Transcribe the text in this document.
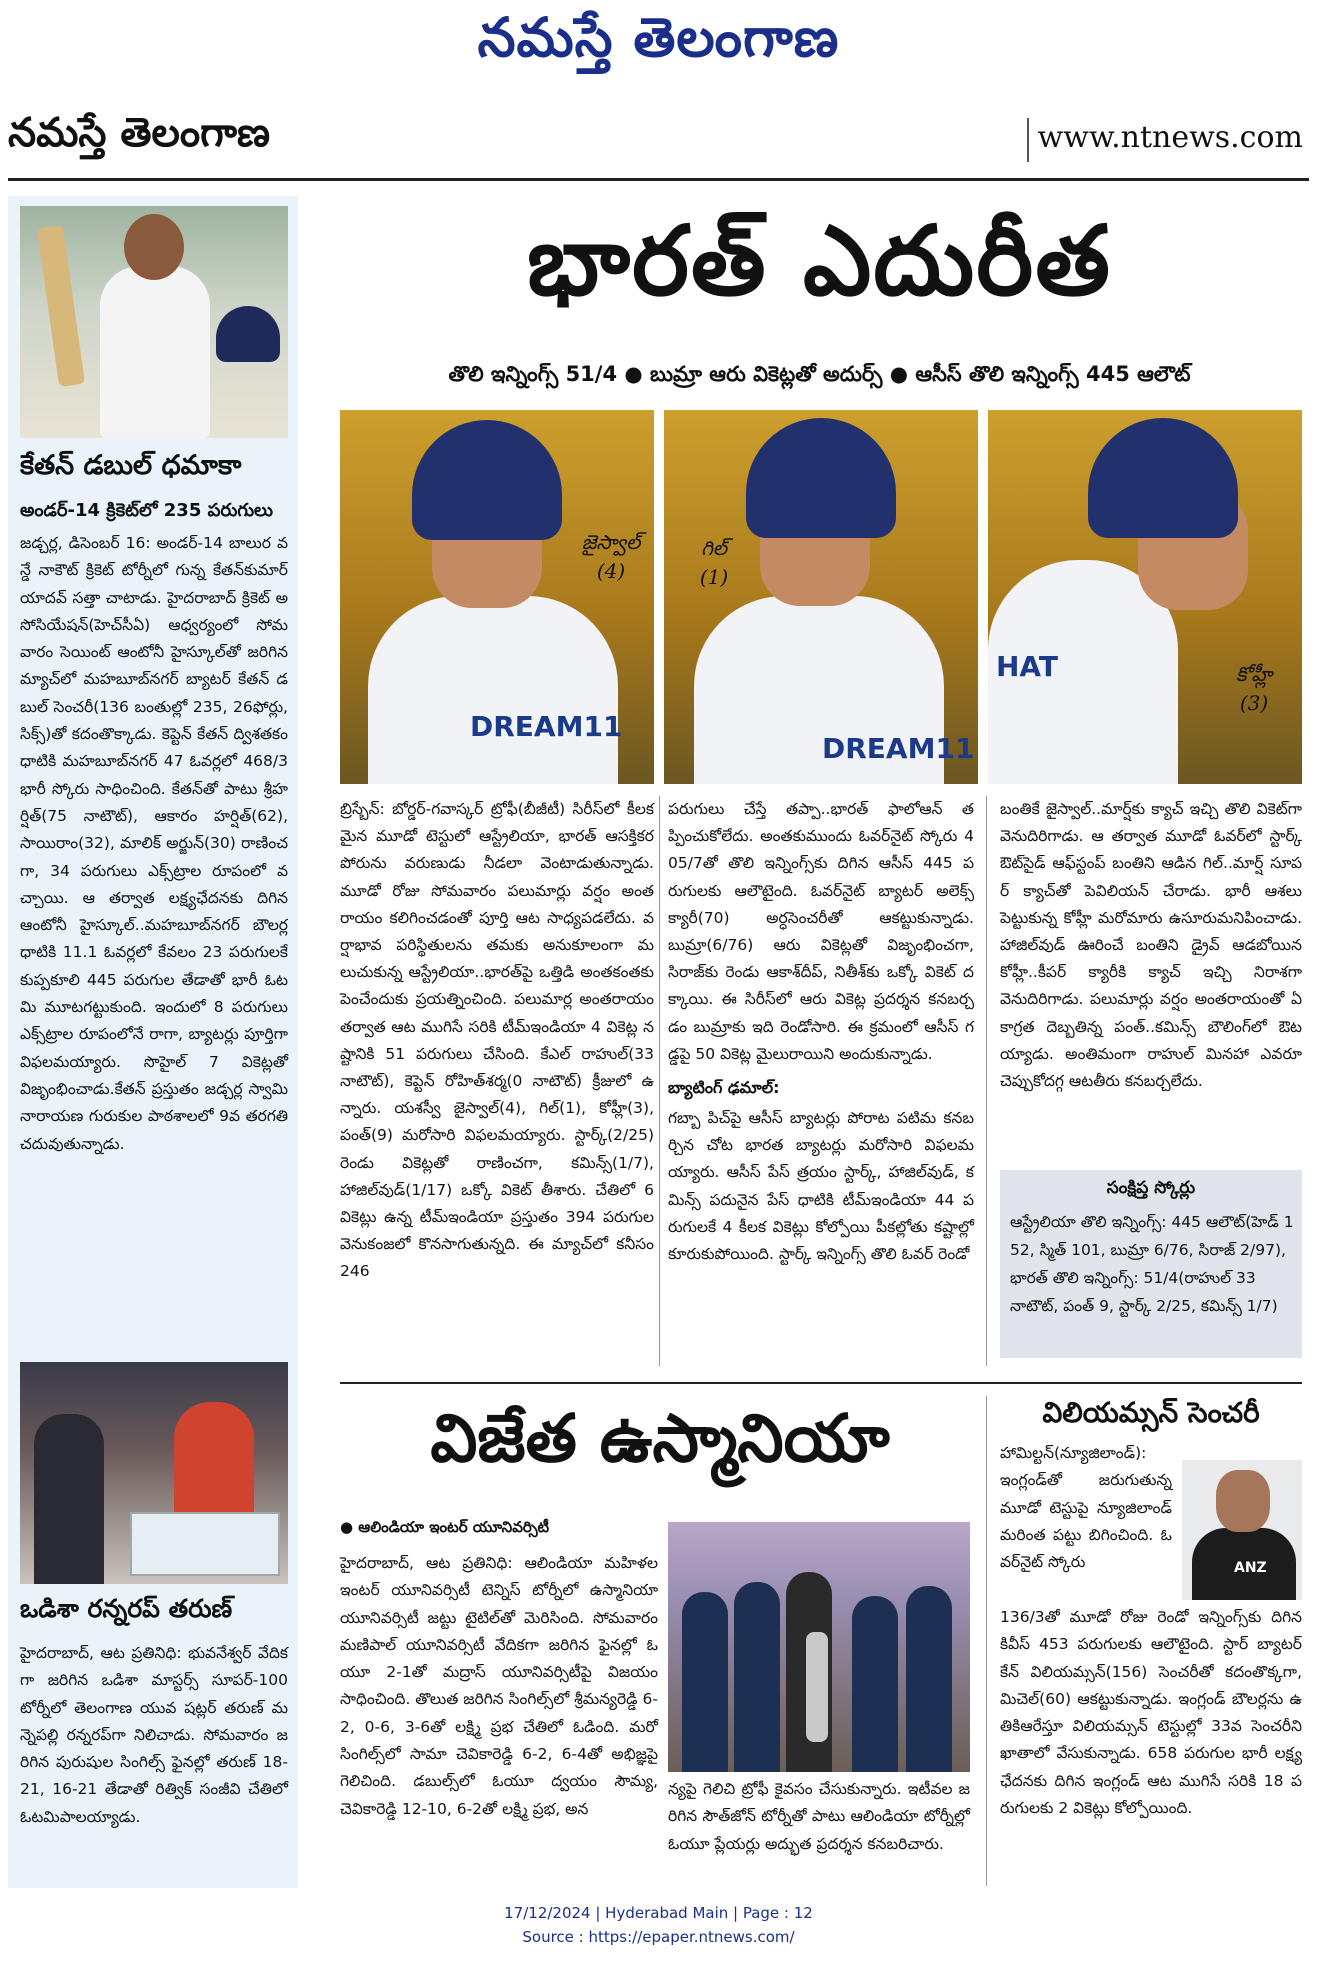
నమస్తే తెలంగాణ
నమస్తే తెలంగాణ	www.ntnews.com
కేతన్ డబుల్ ధమాకా
అండర్-14 క్రికెట్‌లో 235 పరుగులు
జడ్చర్ల, డిసెంబర్ 16: అండర్-14 బాలుర వన్డే నాకౌట్ క్రికెట్ టోర్నీలో గున్న కేతన్‌కుమార్ యాదవ్ సత్తా చాటాడు. హైదరాబాద్ క్రికెట్ అసోసియేషన్(హెచ్‌సీఏ) ఆధ్వర్యంలో సోమవారం సెయింట్ ఆంటోనీ హైస్కూల్‌తో జరిగిన మ్యాచ్‌లో మహబూబ్‌నగర్ బ్యాటర్ కేతన్ డబుల్ సెంచరీ(136 బంతుల్లో 235, 26ఫోర్లు, సిక్స్)తో కదంతొక్కాడు. కెప్టెన్ కేతన్ ద్విశతకం ధాటికి మహబూబ్‌నగర్ 47 ఓవర్లలో 468/3 భారీ స్కోరు సాధించింది. కేతన్‌తో పాటు శ్రీహర్షిత్(75 నాటౌట్), ఆకారం హర్షిత్(62), సాయిరాం(32), మాలిక్ అర్జున్(30) రాణించగా, 34 పరుగులు ఎక్స్‌ట్రాల రూపంలో వచ్చాయి. ఆ తర్వాత లక్ష్యఛేదనకు దిగిన ఆంటోనీ హైస్కూల్..మహబూబ్‌నగర్ బౌలర్ల ధాటికి 11.1 ఓవర్లలో కేవలం 23 పరుగులకే కుప్పకూలి 445 పరుగుల తేడాతో భారీ ఓటమి మూటగట్టుకుంది. ఇందులో 8 పరుగులు ఎక్స్‌ట్రాల రూపంలోనే రాగా, బ్యాటర్లు పూర్తిగా విఫలమయ్యారు. సొహైల్ 7 వికెట్లతో విజృంభించాడు.కేతన్ ప్రస్తుతం జడ్చర్ల స్వామి నారాయణ గురుకుల పాఠశాలలో 9వ తరగతి చదువుతున్నాడు.
ఒడిశా రన్నరప్ తరుణ్
హైదరాబాద్, ఆట ప్రతినిధి: భువనేశ్వర్ వేదికగా జరిగిన ఒడిశా మాస్టర్స్ సూపర్-100 టోర్నీలో తెలంగాణ యువ షట్లర్ తరుణ్ మన్నెపల్లి రన్నరప్‌గా నిలిచాడు. సోమవారం జరిగిన పురుషుల సింగిల్స్ ఫైనల్లో తరుణ్ 18-21, 16-21 తేడాతో రిత్విక్ సంజీవి చేతిలో ఓటమిపాలయ్యాడు.
భారత్ ఎదురీత
తొలి ఇన్నింగ్స్ 51/4 ● బుమ్రా ఆరు వికెట్లతో అదుర్స్ ● ఆసీస్ తొలి ఇన్నింగ్స్ 445 ఆలౌట్
DREAM11
జైస్వాల్
(4)
DREAM11
గిల్
(1)
HAT	కోహ్లీ
(3)
బ్రిస్బేన్: బోర్డర్-గవాస్కర్ ట్రోఫీ(బీజీటీ) సిరీస్‌లో కీలకమైన మూడో టెస్టులో ఆస్ట్రేలియా, భారత్ ఆసక్తికర పోరును వరుణుడు నీడలా వెంటాడుతున్నాడు. మూడో రోజు సోమవారం పలుమార్లు వర్షం అంతరాయం కలిగించడంతో పూర్తి ఆట సాధ్యపడలేదు. వర్షాభావ పరిస్థితులను తమకు అనుకూలంగా మలుచుకున్న ఆస్ట్రేలియా..భారత్‌పై ఒత్తిడి అంతకంతకు పెంచేందుకు ప్రయత్నించింది. పలుమార్ల అంతరాయం తర్వాత ఆట ముగిసే సరికి టీమ్‌ఇండియా 4 వికెట్ల నష్టానికి 51 పరుగులు చేసింది. కేఎల్ రాహుల్(33 నాటౌట్), కెప్టెన్ రోహిత్‌శర్మ(0 నాటౌట్) క్రీజులో ఉన్నారు. యశస్వీ జైస్వాల్(4), గిల్(1), కోహ్లీ(3), పంత్(9) మరోసారి విఫలమయ్యారు. స్టార్క్(2/25) రెండు వికెట్లతో రాణించగా, కమిన్స్(1/7), హాజిల్‌వుడ్(1/17) ఒక్కో వికెట్ తీశారు. చేతిలో 6 వికెట్లు ఉన్న టీమ్‌ఇండియా ప్రస్తుతం 394 పరుగుల వెనుకంజలో కొనసాగుతున్నది. ఈ మ్యాచ్‌లో కనీసం 246
పరుగులు చేస్తే తప్పా..భారత్ ఫాలోఆన్ తప్పించుకోలేదు. అంతకుముందు ఓవర్‌నైట్ స్కోరు 405/7తో తొలి ఇన్నింగ్స్‌కు దిగిన ఆసీస్ 445 పరుగులకు ఆలౌటైంది. ఓవర్‌నైట్ బ్యాటర్ అలెక్స్ క్యారీ(70) అర్ధసెంచరీతో ఆకట్టుకున్నాడు. బుమ్రా(6/76) ఆరు వికెట్లతో విజృంభించగా, సిరాజ్‌కు రెండు ఆకాశ్‌దీప్, నితీశ్‌కు ఒక్కో వికెట్ దక్కాయి. ఈ సిరీస్‌లో ఆరు వికెట్ల ప్రదర్శన కనబర్చడం బుమ్రాకు ఇది రెండోసారి. ఈ క్రమంలో ఆసీస్ గడ్డపై 50 వికెట్ల మైలురాయిని అందుకున్నాడు.
బ్యాటింగ్ ఢమాల్:
గబ్బా పిచ్‌పై ఆసీస్ బ్యాటర్లు పోరాట పటిమ కనబర్చిన చోట భారత బ్యాటర్లు మరోసారి విఫలమయ్యారు. ఆసీస్ పేస్ త్రయం స్టార్క్, హాజిల్‌వుడ్, కమిన్స్ పదునైన పేస్ ధాటికి టీమ్‌ఇండియా 44 పరుగులకే 4 కీలక వికెట్లు కోల్పోయి పీకల్లోతు కష్టాల్లో కూరుకుపోయింది. స్టార్క్ ఇన్నింగ్స్ తొలి ఓవర్ రెండో
బంతికే జైస్వాల్..మార్ష్‌కు క్యాచ్ ఇచ్చి తొలి వికెట్‌గా వెనుదిరిగాడు. ఆ తర్వాత మూడో ఓవర్‌లో స్టార్క్ ఔట్‌సైడ్ ఆఫ్‌స్టంప్ బంతిని ఆడిన గిల్..మార్ష్ సూపర్ క్యాచ్‌తో పెవిలియన్ చేరాడు. భారీ ఆశలు పెట్టుకున్న కోహ్లీ మరోమారు ఉసూరుమనిపించాడు. హాజిల్‌వుడ్ ఊరించే బంతిని డ్రైవ్ ఆడబోయిన కోహ్లీ..కీపర్ క్యారీకి క్యాచ్ ఇచ్చి నిరాశగా వెనుదిరిగాడు. పలుమార్లు వర్షం అంతరాయంతో ఏకాగ్రత దెబ్బతిన్న పంత్..కమిన్స్ బౌలింగ్‌లో ఔటయ్యాడు. అంతిమంగా రాహుల్ మినహా ఎవరూ చెప్పుకోదగ్గ ఆటతీరు కనబర్చలేదు.
సంక్షిప్త స్కోర్లు
ఆస్ట్రేలియా తొలి ఇన్నింగ్స్: 445 ఆలౌట్(హెడ్ 152, స్మిత్ 101, బుమ్రా 6/76, సిరాజ్ 2/97), భారత్ తొలి ఇన్నింగ్స్: 51/4(రాహుల్ 33 నాటౌట్, పంత్ 9, స్టార్క్ 2/25, కమిన్స్ 1/7)
విజేత ఉస్మానియా
● ఆలిండియా ఇంటర్ యూనివర్సిటీ
హైదరాబాద్, ఆట ప్రతినిధి: ఆలిండియా మహిళల ఇంటర్ యూనివర్సిటీ టెన్నిస్ టోర్నీలో ఉస్మానియా యూనివర్సిటీ జట్టు టైటిల్‌తో మెరిసింది. సోమవారం మణిపాల్ యూనివర్సిటీ వేదికగా జరిగిన ఫైనల్లో ఓయూ 2-1తో మద్రాస్ యూనివర్సిటీపై విజయం సాధించింది. తొలుత జరిగిన సింగిల్స్‌లో శ్రీమన్యరెడ్డి 6-2, 0-6, 3-6తో లక్ష్మి ప్రభ చేతిలో ఓడింది. మరో సింగిల్స్‌లో సామా చెవికారెడ్డి 6-2, 6-4తో అభిజ్ఞపై గెలిచింది. డబుల్స్‌లో ఓయూ ద్వయం సౌమ్య, చెవికారెడ్డి 12-10, 6-2తో లక్ష్మి ప్రభ, అన
న్యపై గెలిచి ట్రోఫీ కైవసం చేసుకున్నారు. ఇటీవల జరిగిన సౌత్‌జోన్ టోర్నీతో పాటు ఆలిండియా టోర్నీల్లో ఓయూ ప్లేయర్లు అద్భుత ప్రదర్శన కనబరిచారు.
విలియమ్సన్ సెంచరీ
హామిల్టన్(న్యూజిలాండ్): ఇంగ్లండ్‌తో జరుగుతున్న మూడో టెస్టుపై న్యూజిలాండ్ మరింత పట్టు బిగించింది. ఓవర్‌నైట్ స్కోరు	ANZ
136/3తో మూడో రోజు రెండో ఇన్నింగ్స్‌కు దిగిన కివీస్ 453 పరుగులకు ఆలౌటైంది. స్టార్ బ్యాటర్ కేన్ విలియమ్సన్(156) సెంచరీతో కదంతొక్కగా, మిచెల్(60) ఆకట్టుకున్నాడు. ఇంగ్లండ్ బౌలర్లను ఉతికిఆరేస్తూ విలియమ్సన్ టెస్టుల్లో 33వ సెంచరీని ఖాతాలో వేసుకున్నాడు. 658 పరుగుల భారీ లక్ష్యఛేదనకు దిగిన ఇంగ్లండ్ ఆట ముగిసే సరికి 18 పరుగులకు 2 వికెట్లు కోల్పోయింది.
17/12/2024 | Hyderabad Main | Page : 12
Source : https://epaper.ntnews.com/
